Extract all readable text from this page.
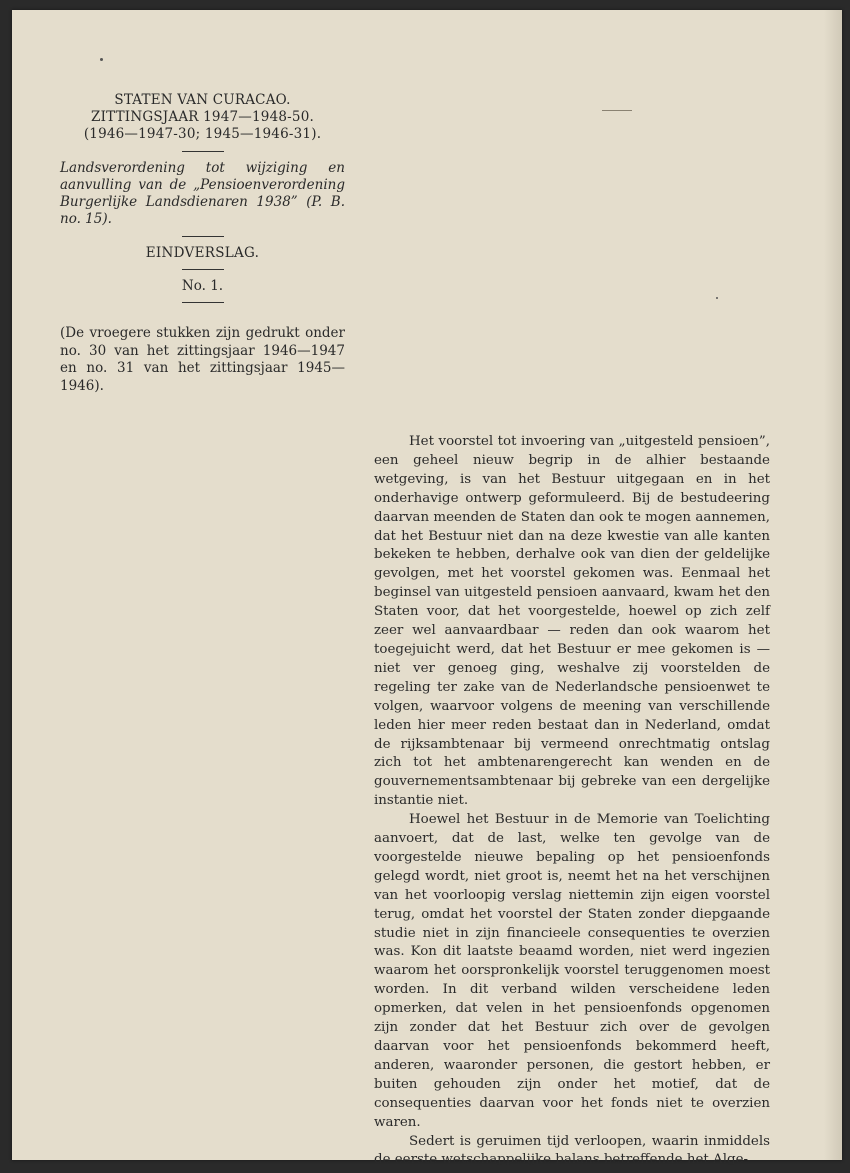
STATEN VAN CURACAO.
ZITTINGSJAAR 1947—1948-50.
(1946—1947-30; 1945—1946-31).

Landsverordening tot wijziging en aanvulling van de „Pensioenverordening Burgerlijke Landsdienaren 1938” (P. B. no. 15).

EINDVERSLAG.
No. 1.
(De vroegere stukken zijn gedrukt onder no. 30 van het zittingsjaar 1946—1947 en no. 31 van het zittingsjaar 1945—1946).

Het voorstel tot invoering van „uitgesteld pensioen”, een geheel nieuw begrip in de alhier bestaande wetgeving, is van het Bestuur uitgegaan en in het onderhavige ontwerp geformuleerd. Bij de bestudeering daarvan meenden de Staten dan ook te mogen aannemen, dat het Bestuur niet dan na deze kwestie van alle kanten bekeken te hebben, derhalve ook van dien der geldelijke gevolgen, met het voorstel gekomen was. Eenmaal het beginsel van uitgesteld pensioen aanvaard, kwam het den Staten voor, dat het voorgestelde, hoewel op zich zelf zeer wel aanvaardbaar — reden dan ook waarom het toegejuicht werd, dat het Bestuur er mee gekomen is — niet ver genoeg ging, weshalve zij voorstelden de regeling ter zake van de Nederlandsche pensioenwet te volgen, waarvoor volgens de meening van verschillende leden hier meer reden bestaat dan in Nederland, omdat de rijksambtenaar bij vermeend onrechtmatig ontslag zich tot het ambtenarengerecht kan wenden en de gouvernementsambtenaar bij gebreke van een dergelijke instantie niet.

Hoewel het Bestuur in de Memorie van Toelichting aanvoert, dat de last, welke ten gevolge van de voorgestelde nieuwe bepaling op het pensioenfonds gelegd wordt, niet groot is, neemt het na het verschijnen van het voorloopig verslag niettemin zijn eigen voorstel terug, omdat het voorstel der Staten zonder diepgaande studie niet in zijn financieele consequenties te overzien was. Kon dit laatste beaamd worden, niet werd ingezien waarom het oorspronkelijk voorstel teruggenomen moest worden. In dit verband wilden verscheidene leden opmerken, dat velen in het pensioenfonds opgenomen zijn zonder dat het Bestuur zich over de gevolgen daarvan voor het pensioenfonds bekommerd heeft, anderen, waaronder personen, die gestort hebben, er buiten gehouden zijn onder het motief, dat de consequenties daarvan voor het fonds niet te overzien waren.

Sedert is geruimen tijd verloopen, waarin inmiddels de eerste wetschappelijke balans betreffende het Alge-
